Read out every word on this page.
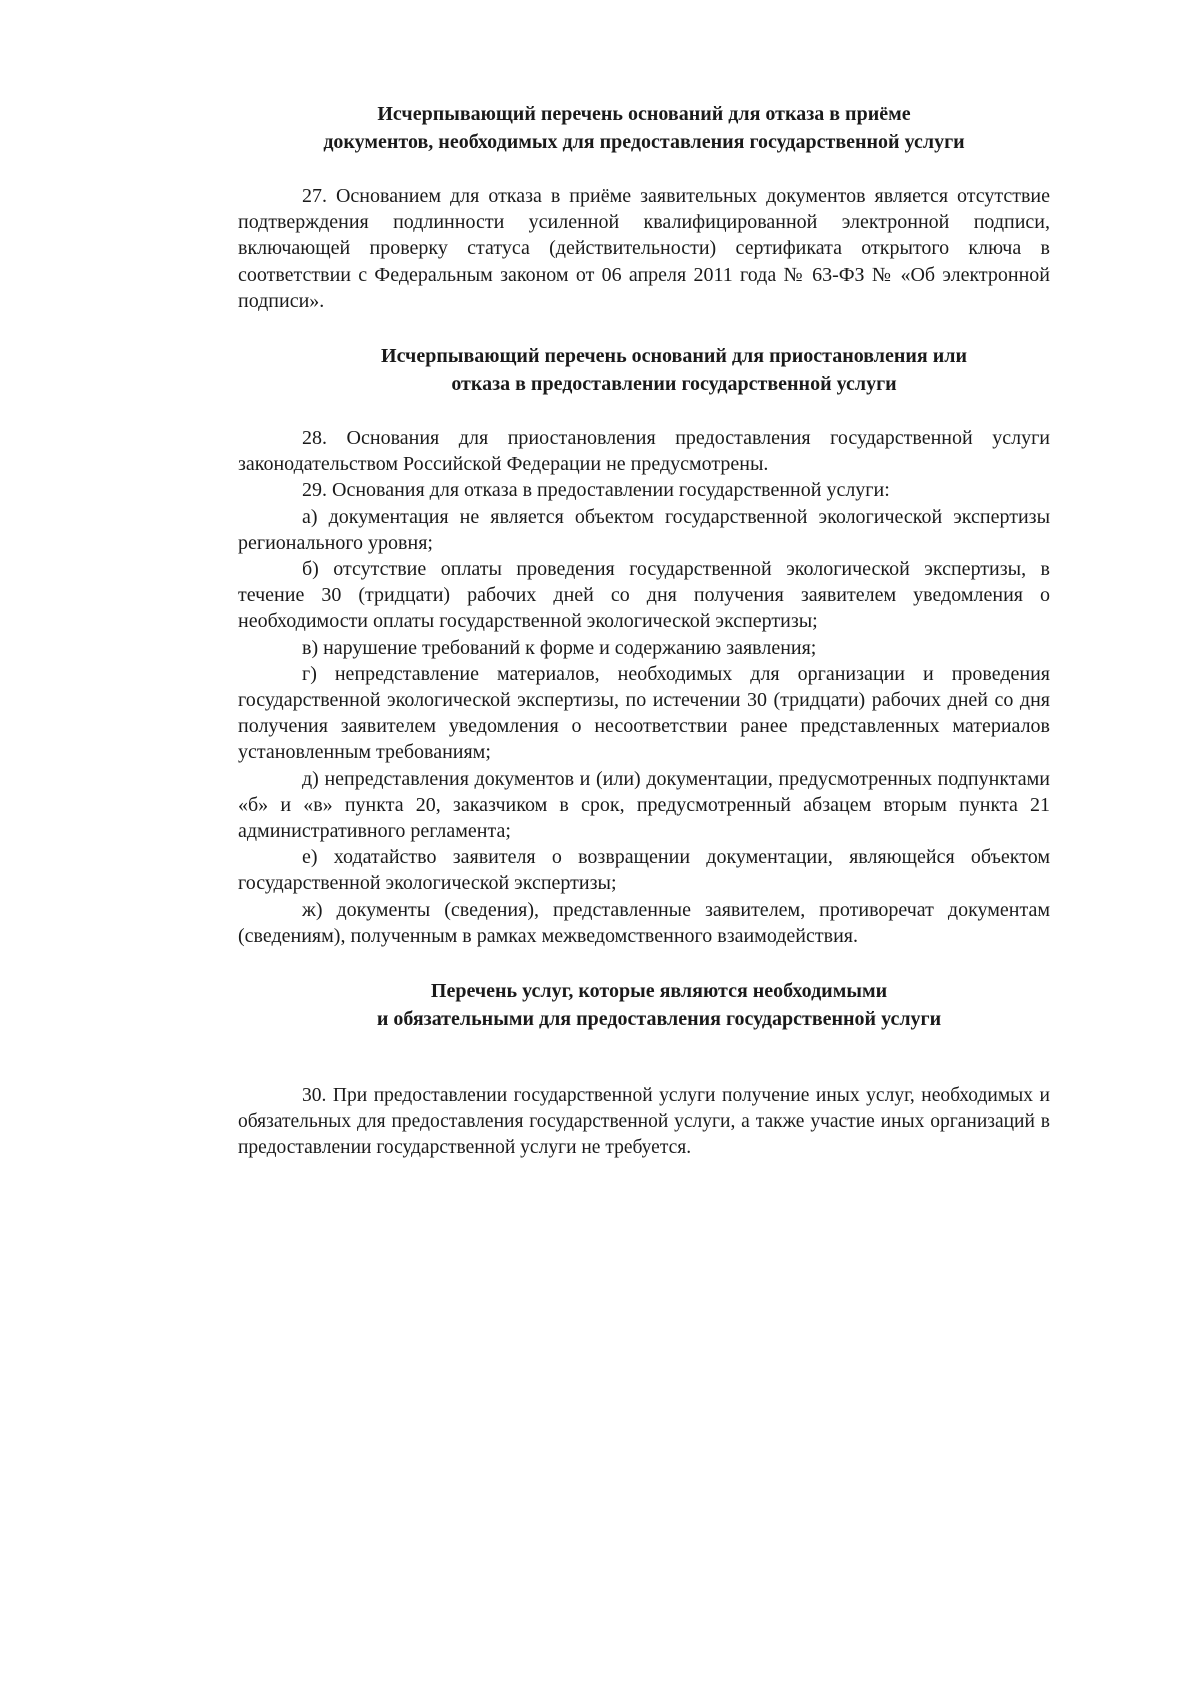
Исчерпывающий перечень оснований для отказа в приёме
документов, необходимых для предоставления государственной услуги

27. Основанием для отказа в приёме заявительных документов является отсутствие подтверждения подлинности усиленной квалифицированной электронной подписи, включающей проверку статуса (действительности) сертификата открытого ключа в соответствии с Федеральным законом от 06 апреля 2011 года № 63-ФЗ № «Об электронной подписи».

Исчерпывающий перечень оснований для приостановления или
отказа в предоставлении государственной услуги

28. Основания для приостановления предоставления государственной услуги законодательством Российской Федерации не предусмотрены.

29. Основания для отказа в предоставлении государственной услуги:

а) документация не является объектом государственной экологической экспертизы регионального уровня;

б) отсутствие оплаты проведения государственной экологической экспертизы, в течение 30 (тридцати) рабочих дней со дня получения заявителем уведомления о необходимости оплаты государственной экологической экспертизы;

в) нарушение требований к форме и содержанию заявления;

г) непредставление материалов, необходимых для организации и проведения государственной экологической экспертизы, по истечении 30 (тридцати) рабочих дней со дня получения заявителем уведомления о несоответствии ранее представленных материалов установленным требованиям;

д) непредставления документов и (или) документации, предусмотренных подпунктами «б» и «в» пункта 20, заказчиком в срок, предусмотренный абзацем вторым пункта 21 административного регламента;

е) ходатайство заявителя о возвращении документации, являющейся объектом государственной экологической экспертизы;

ж) документы (сведения), представленные заявителем, противоречат документам (сведениям), полученным в рамках межведомственного взаимодействия.

Перечень услуг, которые являются необходимыми
и обязательными для предоставления государственной услуги

30. При предоставлении государственной услуги получение иных услуг, необходимых и обязательных для предоставления государственной услуги, а также участие иных организаций в предоставлении государственной услуги не требуется.
